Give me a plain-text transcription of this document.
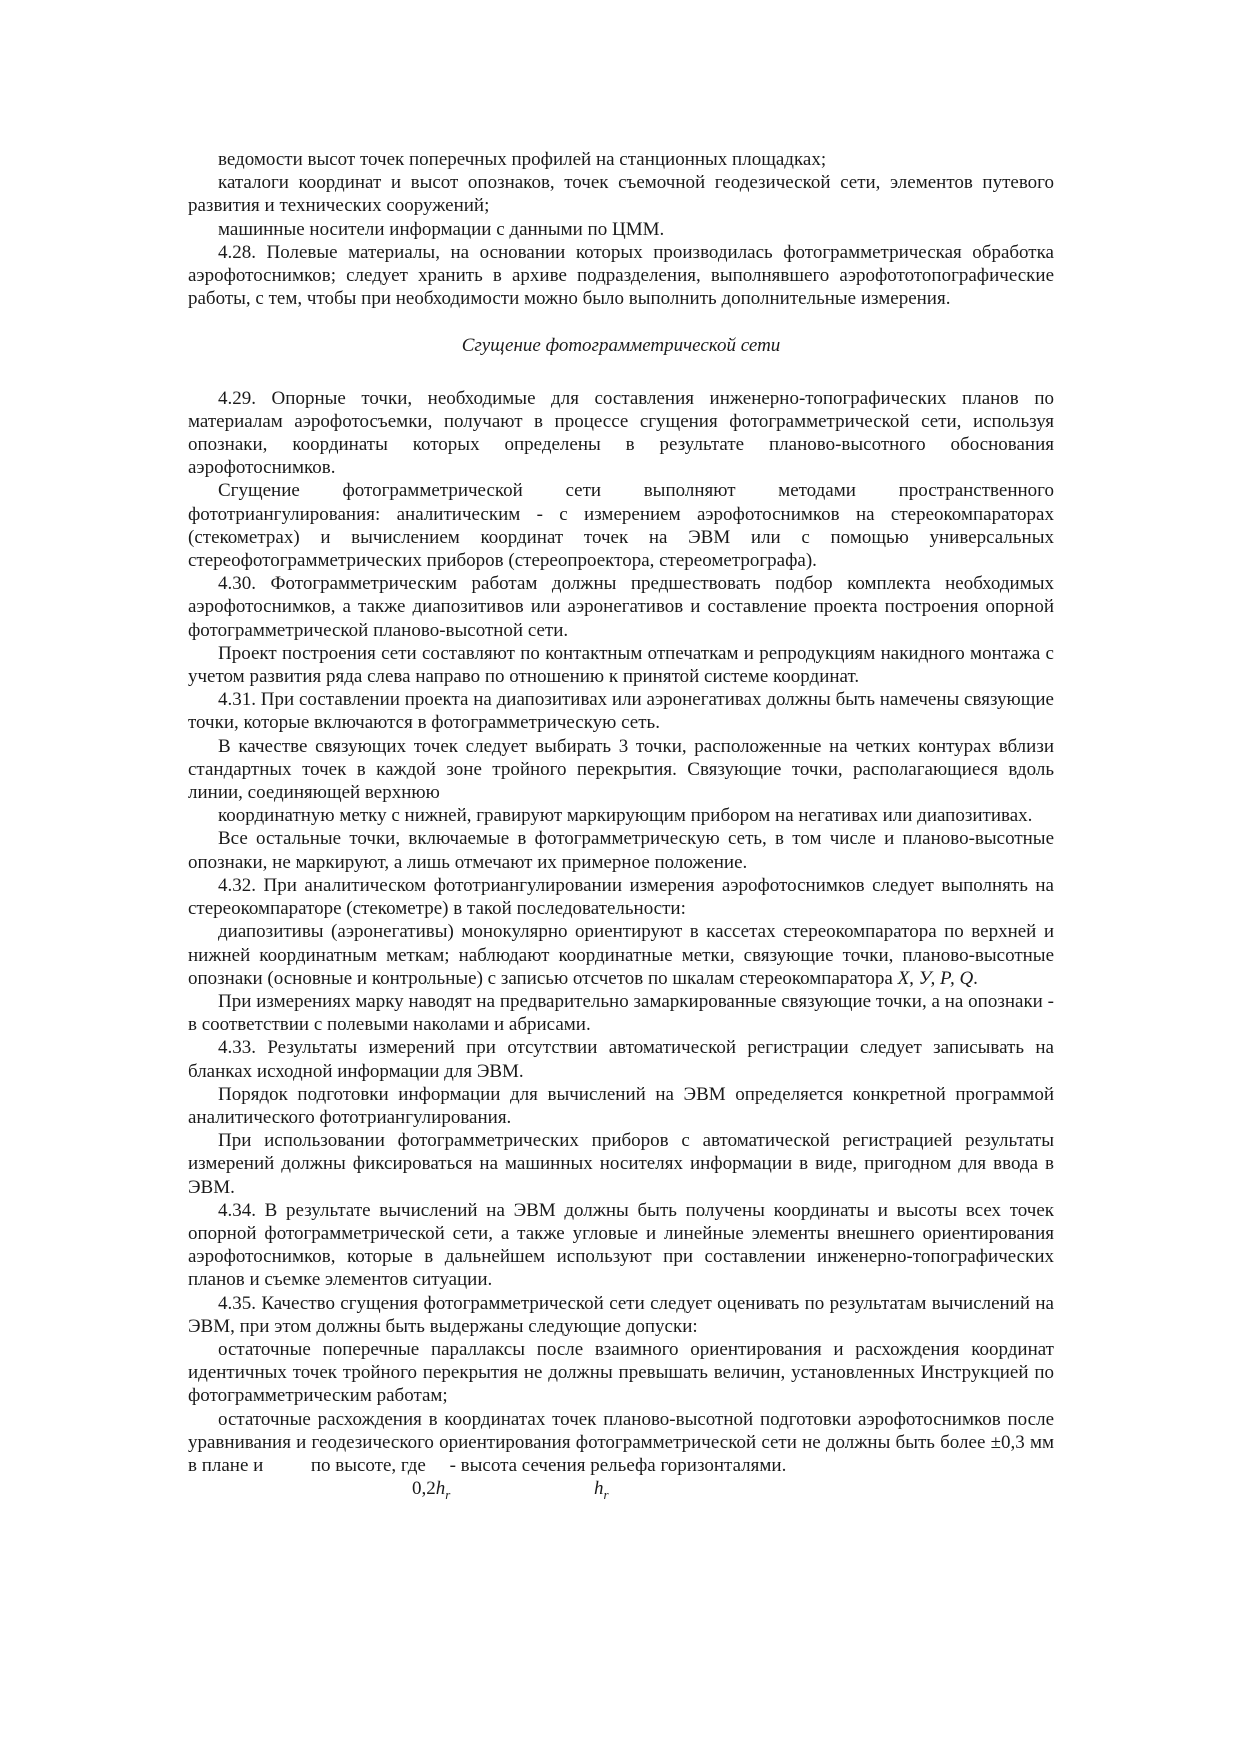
ведомости высот точек поперечных профилей на станционных площадках;

каталоги координат и высот опознаков, точек съемочной геодезической сети, элементов путевого развития и технических сооружений;

машинные носители информации с данными по ЦММ.

4.28. Полевые материалы, на основании которых производилась фотограмметрическая обработка аэрофотоснимков; следует хранить в архиве подразделения, выполнявшего аэрофототопографические работы, с тем, чтобы при необходимости можно было выполнить дополнительные измерения.

Сгущение фотограмметрической сети

4.29. Опорные точки, необходимые для составления инженерно-топографических планов по материалам аэрофотосъемки, получают в процессе сгущения фотограмметрической сети, используя опознаки, координаты которых определены в результате планово-высотного обоснования аэрофотоснимков.

Сгущение фотограмметрической сети выполняют методами пространственного фототриангулирования: аналитическим - с измерением аэрофотоснимков на стереокомпараторах (стекометрах) и вычислением координат точек на ЭВМ или с помощью универсальных стереофотограмметрических приборов (стереопроектора, стереометрографа).

4.30. Фотограмметрическим работам должны предшествовать подбор комплекта необходимых аэрофотоснимков, а также диапозитивов или аэронегативов и составление проекта построения опорной фотограмметрической планово-высотной сети.

Проект построения сети составляют по контактным отпечаткам и репродукциям накидного монтажа с учетом развития ряда слева направо по отношению к принятой системе координат.

4.31. При составлении проекта на диапозитивах или аэронегативах должны быть намечены связующие точки, которые включаются в фотограмметрическую сеть.

В качестве связующих точек следует выбирать 3 точки, расположенные на четких контурах вблизи стандартных точек в каждой зоне тройного перекрытия. Связующие точки, располагающиеся вдоль линии, соединяющей верхнюю

координатную метку с нижней, гравируют маркирующим прибором на негативах или диапозитивах.

Все остальные точки, включаемые в фотограмметрическую сеть, в том числе и планово-высотные опознаки, не маркируют, а лишь отмечают их примерное положение.

4.32. При аналитическом фототриангулировании измерения аэрофотоснимков следует выполнять на стереокомпараторе (стекометре) в такой последовательности:

диапозитивы (аэронегативы) монокулярно ориентируют в кассетах стереокомпаратора по верхней и нижней координатным меткам; наблюдают координатные метки, связующие точки, планово-высотные опознаки (основные и контрольные) с записью отсчетов по шкалам стереокомпаратора Х, У, Р, Q.

При измерениях марку наводят на предварительно замаркированные связующие точки, а на опознаки - в соответствии с полевыми наколами и абрисами.

4.33. Результаты измерений при отсутствии автоматической регистрации следует записывать на бланках исходной информации для ЭВМ.

Порядок подготовки информации для вычислений на ЭВМ определяется конкретной программой аналитического фототриангулирования.

При использовании фотограмметрических приборов с автоматической регистрацией результаты измерений должны фиксироваться на машинных носителях информации в виде, пригодном для ввода в ЭВМ.

4.34. В результате вычислений на ЭВМ должны быть получены координаты и высоты всех точек опорной фотограмметрической сети, а также угловые и линейные элементы внешнего ориентирования аэрофотоснимков, которые в дальнейшем используют при составлении инженерно-топографических планов и съемке элементов ситуации.

4.35. Качество сгущения фотограмметрической сети следует оценивать по результатам вычислений на ЭВМ, при этом должны быть выдержаны следующие допуски:

остаточные поперечные параллаксы после взаимного ориентирования и расхождения координат идентичных точек тройного перекрытия не должны превышать величин, установленных Инструкцией по фотограмметрическим работам;

остаточные расхождения в координатах точек планово-высотной подготовки аэрофотоснимков после уравнивания и геодезического ориентирования фотограмметрической сети не должны быть более ±0,3 мм в плане и          по высоте, где     - высота сечения рельефа горизонталями.

$0,2h_r$	$h_r$
